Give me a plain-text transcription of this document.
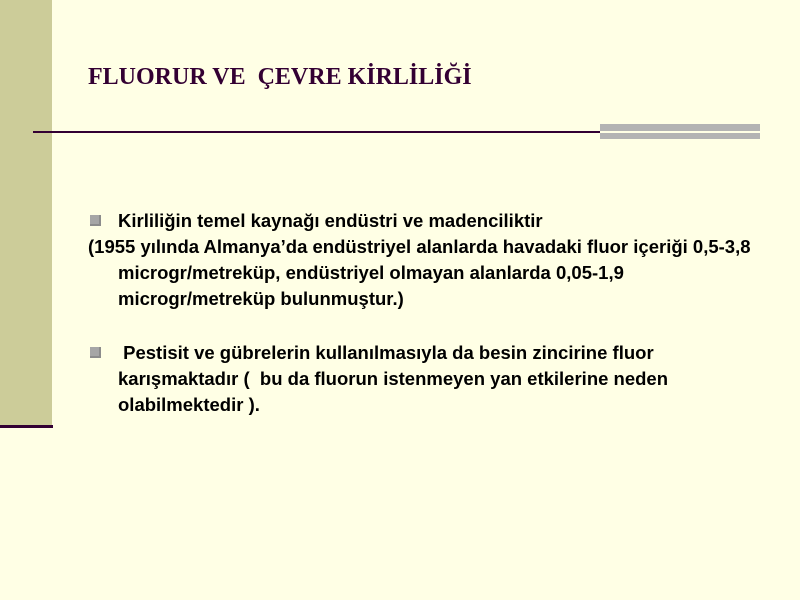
FLUORUR VE  ÇEVRE KİRLİLİĞİ
Kirliliğin temel kaynağı endüstri ve madenciliktir
(1955 yılında Almanya’da endüstriyel alanlarda havadaki fluor içeriği 0,5-3,8 microgr/metreküp, endüstriyel olmayan alanlarda 0,05-1,9 microgr/metreküp bulunmuştur.)
Pestisit ve gübrelerin kullanılmasıyla da besin zincirine fluor karışmaktadır (  bu da fluorun istenmeyen yan etkilerine neden olabilmektedir ).
